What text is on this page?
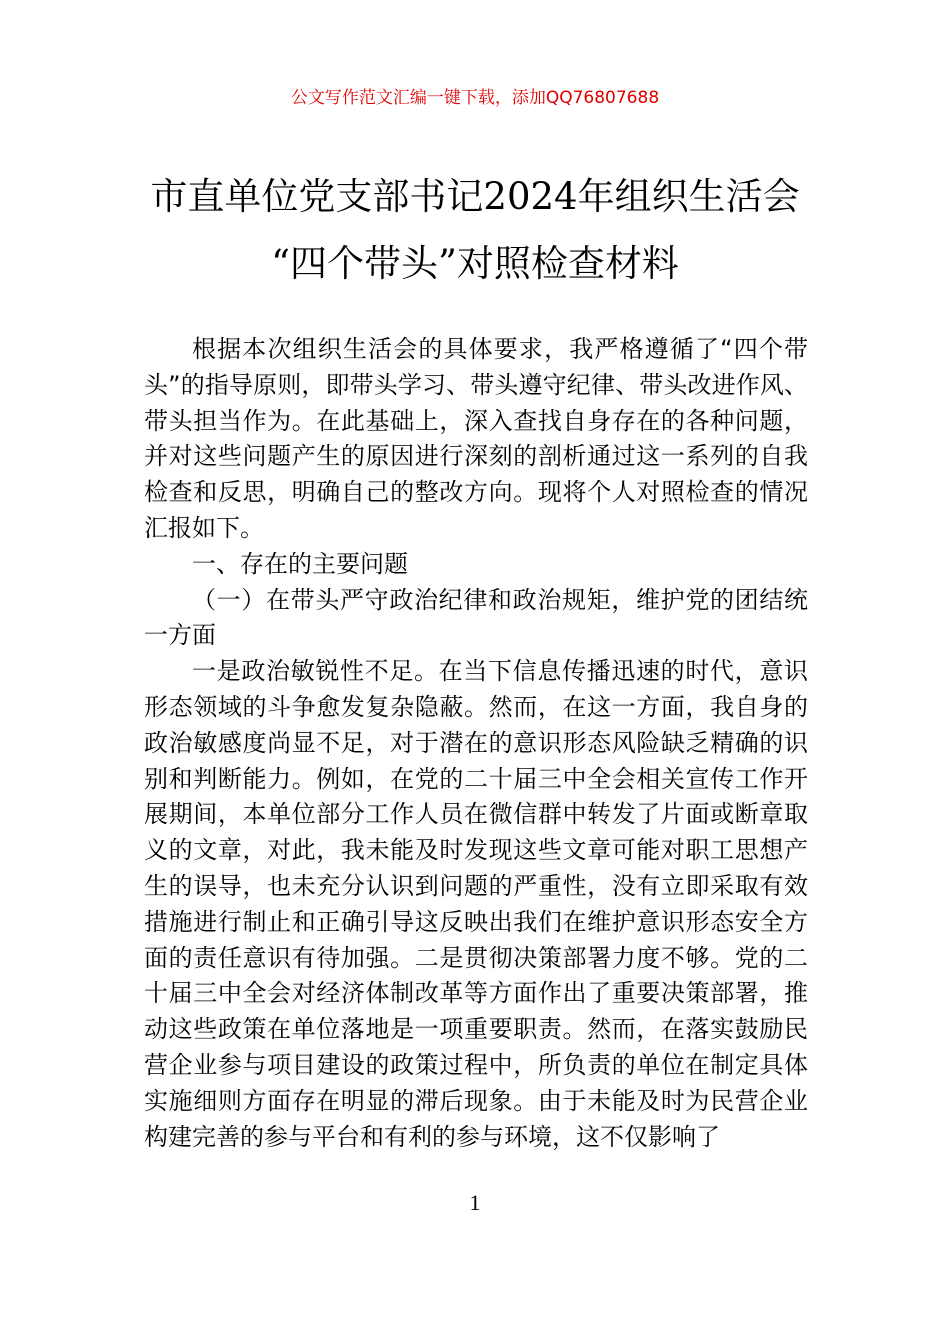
公文写作范文汇编一键下载，添加QQ76807688
市直单位党支部书记2024年组织生活会
“四个带头”对照检查材料

根据本次组织生活会的具体要求，我严格遵循了“四个带头”的指导原则，即带头学习、带头遵守纪律、带头改进作风、带头担当作为。在此基础上，深入查找自身存在的各种问题，并对这些问题产生的原因进行深刻的剖析通过这一系列的自我检查和反思，明确自己的整改方向。现将个人对照检查的情况汇报如下。

一、存在的主要问题

（一）在带头严守政治纪律和政治规矩，维护党的团结统一方面

一是政治敏锐性不足。在当下信息传播迅速的时代，意识形态领域的斗争愈发复杂隐蔽。然而，在这一方面，我自身的政治敏感度尚显不足，对于潜在的意识形态风险缺乏精确的识别和判断能力。例如，在党的二十届三中全会相关宣传工作开展期间，本单位部分工作人员在微信群中转发了片面或断章取义的文章，对此，我未能及时发现这些文章可能对职工思想产生的误导，也未充分认识到问题的严重性，没有立即采取有效措施进行制止和正确引导这反映出我们在维护意识形态安全方面的责任意识有待加强。二是贯彻决策部署力度不够。党的二十届三中全会对经济体制改革等方面作出了重要决策部署，推动这些政策在单位落地是一项重要职责。然而，在落实鼓励民营企业参与项目建设的政策过程中，所负责的单位在制定具体实施细则方面存在明显的滞后现象。由于未能及时为民营企业构建完善的参与平台和有利的参与环境，这不仅影响了

1
